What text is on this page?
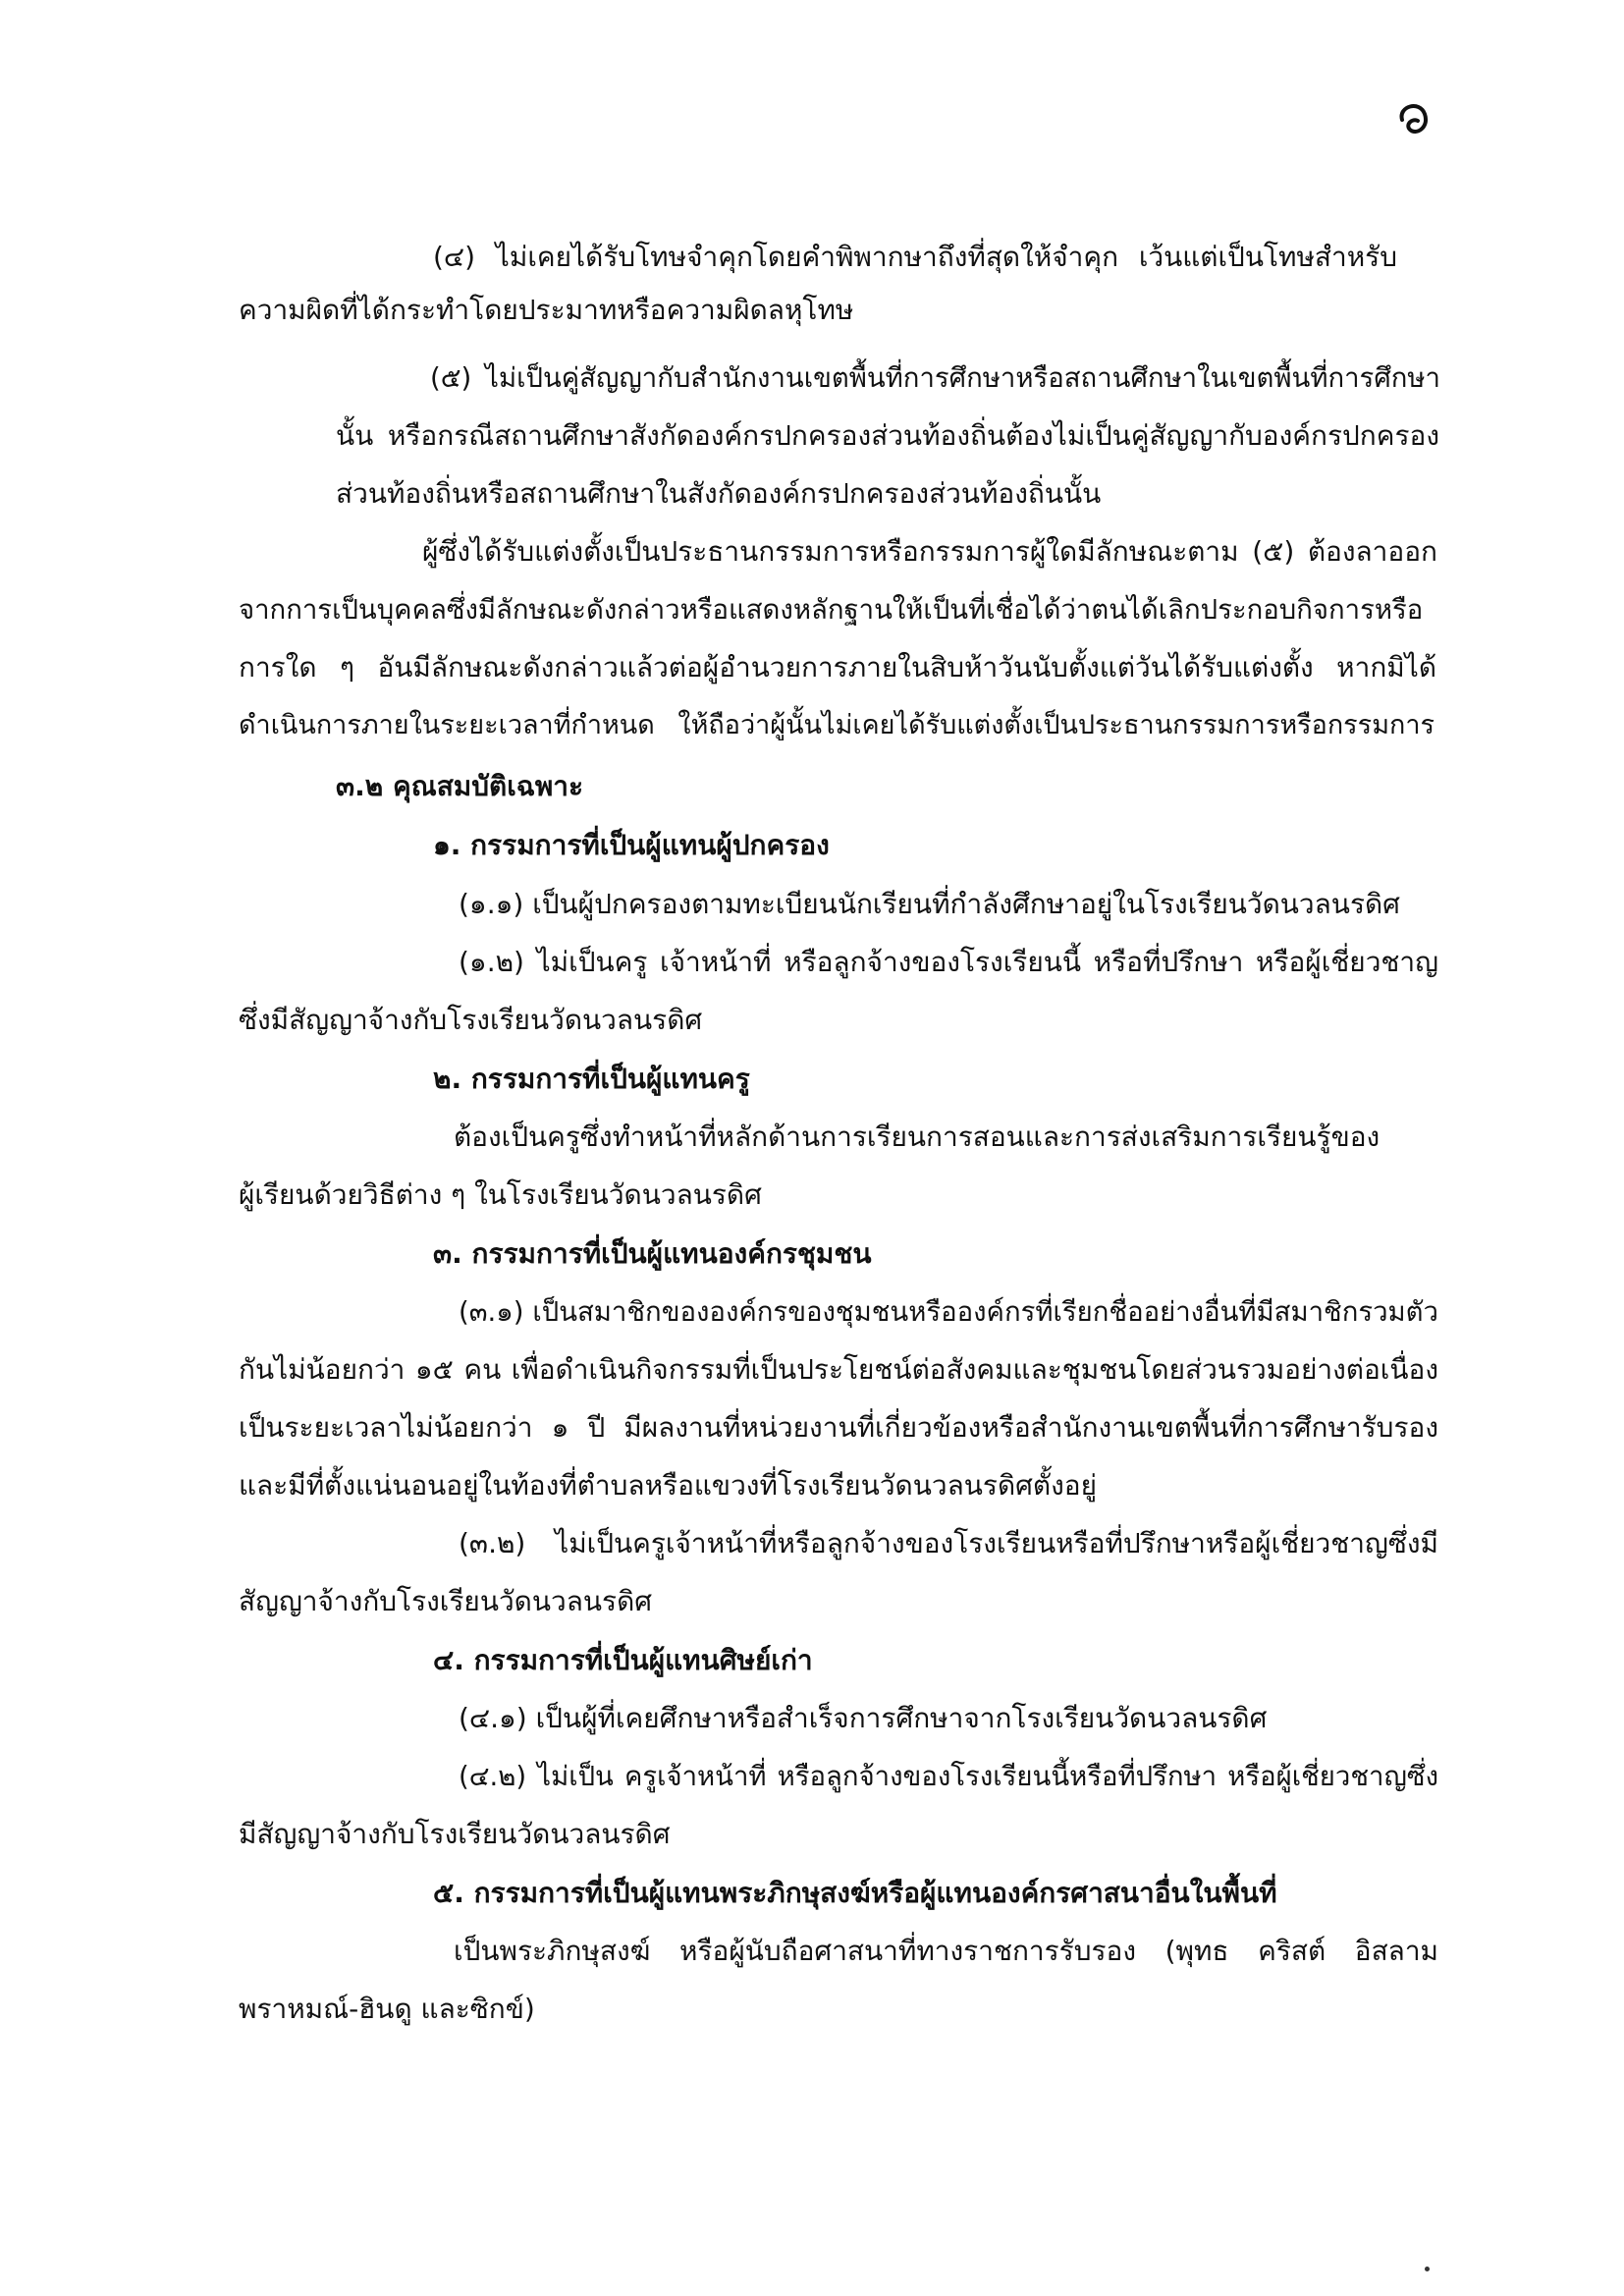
(๔) ไม่เคยได้รับโทษจำคุกโดยคำพิพากษาถึงที่สุดให้จำคุก เว้นแต่เป็นโทษสำหรับ
ความผิดที่ได้กระทำโดยประมาทหรือความผิดลหุโทษ
(๕) ไม่เป็นคู่สัญญากับสำนักงานเขตพื้นที่การศึกษาหรือสถานศึกษาในเขตพื้นที่การศึกษา
นั้น หรือกรณีสถานศึกษาสังกัดองค์กรปกครองส่วนท้องถิ่นต้องไม่เป็นคู่สัญญากับองค์กรปกครอง
ส่วนท้องถิ่นหรือสถานศึกษาในสังกัดองค์กรปกครองส่วนท้องถิ่นนั้น
ผู้ซึ่งได้รับแต่งตั้งเป็นประธานกรรมการหรือกรรมการผู้ใดมีลักษณะตาม (๕) ต้องลาออก
จากการเป็นบุคคลซึ่งมีลักษณะดังกล่าวหรือแสดงหลักฐานให้เป็นที่เชื่อได้ว่าตนได้เลิกประกอบกิจการหรือ
การใด ๆ อันมีลักษณะดังกล่าวแล้วต่อผู้อำนวยการภายในสิบห้าวันนับตั้งแต่วันได้รับแต่งตั้ง หากมิได้
ดำเนินการภายในระยะเวลาที่กำหนด ให้ถือว่าผู้นั้นไม่เคยได้รับแต่งตั้งเป็นประธานกรรมการหรือกรรมการ
๓.๒ คุณสมบัติเฉพาะ
๑. กรรมการที่เป็นผู้แทนผู้ปกครอง
(๑.๑) เป็นผู้ปกครองตามทะเบียนนักเรียนที่กำลังศึกษาอยู่ในโรงเรียนวัดนวลนรดิศ
(๑.๒) ไม่เป็นครู เจ้าหน้าที่ หรือลูกจ้างของโรงเรียนนี้ หรือที่ปรึกษา หรือผู้เชี่ยวชาญ
ซึ่งมีสัญญาจ้างกับโรงเรียนวัดนวลนรดิศ
๒. กรรมการที่เป็นผู้แทนครู
ต้องเป็นครูซึ่งทำหน้าที่หลักด้านการเรียนการสอนและการส่งเสริมการเรียนรู้ของ
ผู้เรียนด้วยวิธีต่าง ๆ ในโรงเรียนวัดนวลนรดิศ
๓. กรรมการที่เป็นผู้แทนองค์กรชุมชน
(๓.๑) เป็นสมาชิกขององค์กรของชุมชนหรือองค์กรที่เรียกชื่ออย่างอื่นที่มีสมาชิกรวมตัว
กันไม่น้อยกว่า ๑๕ คน เพื่อดำเนินกิจกรรมที่เป็นประโยชน์ต่อสังคมและชุมชนโดยส่วนรวมอย่างต่อเนื่อง
เป็นระยะเวลาไม่น้อยกว่า ๑ ปี มีผลงานที่หน่วยงานที่เกี่ยวข้องหรือสำนักงานเขตพื้นที่การศึกษารับรอง
และมีที่ตั้งแน่นอนอยู่ในท้องที่ตำบลหรือแขวงที่โรงเรียนวัดนวลนรดิศตั้งอยู่
(๓.๒) ไม่เป็นครูเจ้าหน้าที่หรือลูกจ้างของโรงเรียนหรือที่ปรึกษาหรือผู้เชี่ยวชาญซึ่งมี
สัญญาจ้างกับโรงเรียนวัดนวลนรดิศ
๔. กรรมการที่เป็นผู้แทนศิษย์เก่า
(๔.๑) เป็นผู้ที่เคยศึกษาหรือสำเร็จการศึกษาจากโรงเรียนวัดนวลนรดิศ
(๔.๒) ไม่เป็น ครูเจ้าหน้าที่ หรือลูกจ้างของโรงเรียนนี้หรือที่ปรึกษา หรือผู้เชี่ยวชาญซึ่ง
มีสัญญาจ้างกับโรงเรียนวัดนวลนรดิศ
๕. กรรมการที่เป็นผู้แทนพระภิกษุสงฆ์หรือผู้แทนองค์กรศาสนาอื่นในพื้นที่
เป็นพระภิกษุสงฆ์ หรือผู้นับถือศาสนาที่ทางราชการรับรอง (พุทธ คริสต์ อิสลาม
พราหมณ์-ฮินดู และซิกข์)
